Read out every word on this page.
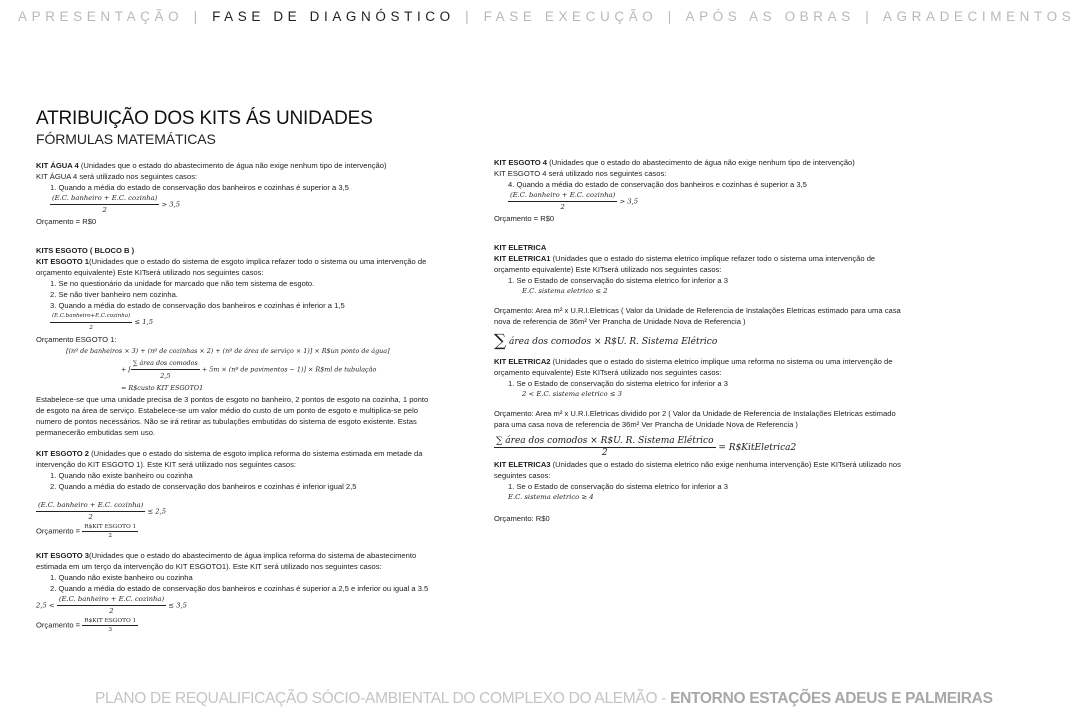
APRESENTAÇÃO | FASE DE DIAGNÓSTICO | FASE EXECUÇÃO | APÓS AS OBRAS | AGRADECIMENTOS
ATRIBUIÇÃO DOS KITS ÁS UNIDADES
FÓRMULAS MATEMÁTICAS

KIT ÁGUA 4 (Unidades que o estado do abastecimento de água não exige nenhum tipo de intervenção)

KIT ÁGUA 4 será utilizado nos seguintes casos:

1. Quando a média do estado de conservação dos banheiros e cozinhas é superior a 3,5

$\frac{\text{(E.C. banheiro + E.C. cozinha)}}{2} > 3,5$

Orçamento = R$0

KITS ESGOTO ( BLOCO B )

KIT ESGOTO 1(Unidades que o estado do sistema de esgoto implica refazer todo o sistema ou uma intervenção de orçamento equivalente) Este KITserá utilizado nos seguintes casos:

1. Se no questionário da unidade for marcado que não tem sistema de esgoto.

2. Se não tiver banheiro nem cozinha.

3. Quando a média do estado de conservação dos banheiros e cozinhas é inferior a 1,5

$\frac{\text{(E.C.banheiro+E.C.cozinha)}}{2} \le 1,5$

Orçamento ESGOTO 1:

[(nº de banheiros × 3) + (nº de cozinhas × 2) + (nº de área de serviço × 1)] × R$un ponto de água]
+ [ $\frac{\text{∑ área dos comodos}}{2,5} + 5m$ × (nº de pavimentos − 1)] × R$ml de tubulação
= R$custo KIT ESGOTO1

Estabelece-se que uma unidade precisa de 3 pontos de esgoto no banheiro, 2 pontos de esgoto na cozinha, 1 ponto de esgoto na área de serviço. Estabelece-se um valor médio do custo de um ponto de esgoto e multiplica-se pelo numero de pontos necessários. Não se irá retirar as tubulações embutidas do sistema de esgoto existente. Estas permanecerão embutidas sem uso.

KIT ESGOTO 2 (Unidades que o estado do sistema de esgoto implica reforma do sistema estimada em metade da intervenção do KIT ESGOTO 1). Este KIT será utilizado nos seguintes casos:

1. Quando não existe banheiro ou cozinha

2. Quando a média do estado de conservação dos banheiros e cozinhas é inferior igual 2,5

$\frac{\text{(E.C. banheiro + E.C. cozinha)}}{2} \le 2,5$

Orçamento = $\frac{\text{R\$KIT ESGOTO 1}}{2}$

KIT ESGOTO 3(Unidades que o estado do abastecimento de água implica reforma do sistema de abastecimento estimada em um terço da intervenção do KIT ESGOTO1). Este KIT será utilizado nos seguintes casos:

1. Quando não existe banheiro ou cozinha

2. Quando a média do estado de conservação dos banheiros e cozinhas é superior a 2,5 e inferior ou igual a 3.5

$2,5 < \frac{\text{(E.C. banheiro + E.C. cozinha)}}{2} \le 3,5$

Orçamento = $\frac{\text{R\$KIT ESGOTO 1}}{3}$

KIT ESGOTO 4 (Unidades que o estado do abastecimento de água não exige nenhum tipo de intervenção)

KIT ESGOTO 4 será utilizado nos seguintes casos:

4. Quando a média do estado de conservação dos banheiros e cozinhas é superior a 3,5

$\frac{\text{(E.C. banheiro + E.C. cozinha)}}{2} > 3,5$

Orçamento = R$0

KIT ELETRICA

KIT ELETRICA1 (Unidades que o estado do sistema eletrico implique refazer todo o sistema uma intervenção de orçamento equivalente) Este KITserá utilizado nos seguintes casos:

1. Se o Estado de conservação do sistema eletrico for inferior a 3

E.C. sistema eletrico ≤ 2

Orçamento: Area m² x U.R.I.Eletricas ( Valor da Unidade de Referencia de Instalações Eletricas estimado para uma casa nova de referencia de 36m² Ver Prancha de Unidade Nova de Referencia )

∑ área dos comodos × R$U. R. Sistema Elétrico

KIT ELETRICA2 (Unidades que o estado do sistema eletrico implique uma reforma no sistema ou uma intervenção de orçamento equivalente) Este KITserá utilizado nos seguintes casos:

1. Se o Estado de conservação do sistema eletrico for inferior a 3

2 < E.C. sistema eletrico ≤ 3

Orçamento: Area m² x U.R.I.Eletricas dividido por 2 ( Valor da Unidade de Referencia de Instalações Eletricas estimado para uma casa nova de referencia de 36m² Ver Prancha de Unidade Nova de Referencia )

$\frac{\text{∑ área dos comodos × R\$U. R. Sistema Elétrico}}{2}$ = R$KitEletrica2

KIT ELETRICA3 (Unidades que o estado do sistema eletrico não exige nenhuma intervenção) Este KITserá utilizado nos seguintes casos:

1. Se o Estado de conservação do sistema eletrico for inferior a 3

E.C. sistema eletrico ≥ 4

Orçamento: R$0

PLANO DE REQUALIFICAÇÃO SÓCIO-AMBIENTAL DO COMPLEXO DO ALEMÃO - ENTORNO ESTAÇÕES ADEUS E PALMEIRAS
